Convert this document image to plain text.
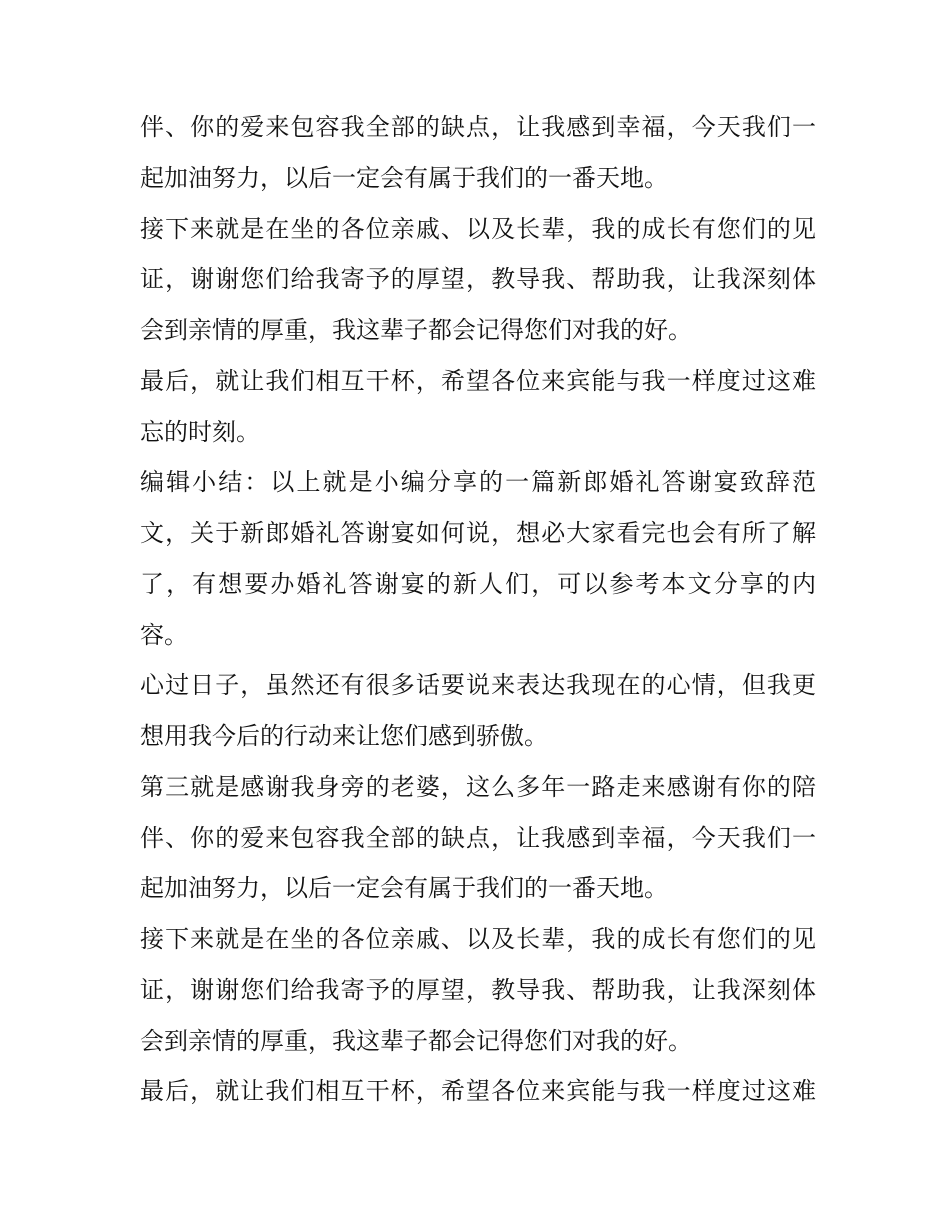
伴、你的爱来包容我全部的缺点，让我感到幸福，今天我们一
起加油努力，以后一定会有属于我们的一番天地。
接下来就是在坐的各位亲戚、以及长辈，我的成长有您们的见
证，谢谢您们给我寄予的厚望，教导我、帮助我，让我深刻体
会到亲情的厚重，我这辈子都会记得您们对我的好。
最后，就让我们相互干杯，希望各位来宾能与我一样度过这难
忘的时刻。
编辑小结：以上就是小编分享的一篇新郎婚礼答谢宴致辞范
文，关于新郎婚礼答谢宴如何说，想必大家看完也会有所了解
了，有想要办婚礼答谢宴的新人们，可以参考本文分享的内
容。
心过日子，虽然还有很多话要说来表达我现在的心情，但我更
想用我今后的行动来让您们感到骄傲。
第三就是感谢我身旁的老婆，这么多年一路走来感谢有你的陪
伴、你的爱来包容我全部的缺点，让我感到幸福，今天我们一
起加油努力，以后一定会有属于我们的一番天地。
接下来就是在坐的各位亲戚、以及长辈，我的成长有您们的见
证，谢谢您们给我寄予的厚望，教导我、帮助我，让我深刻体
会到亲情的厚重，我这辈子都会记得您们对我的好。
最后，就让我们相互干杯，希望各位来宾能与我一样度过这难
